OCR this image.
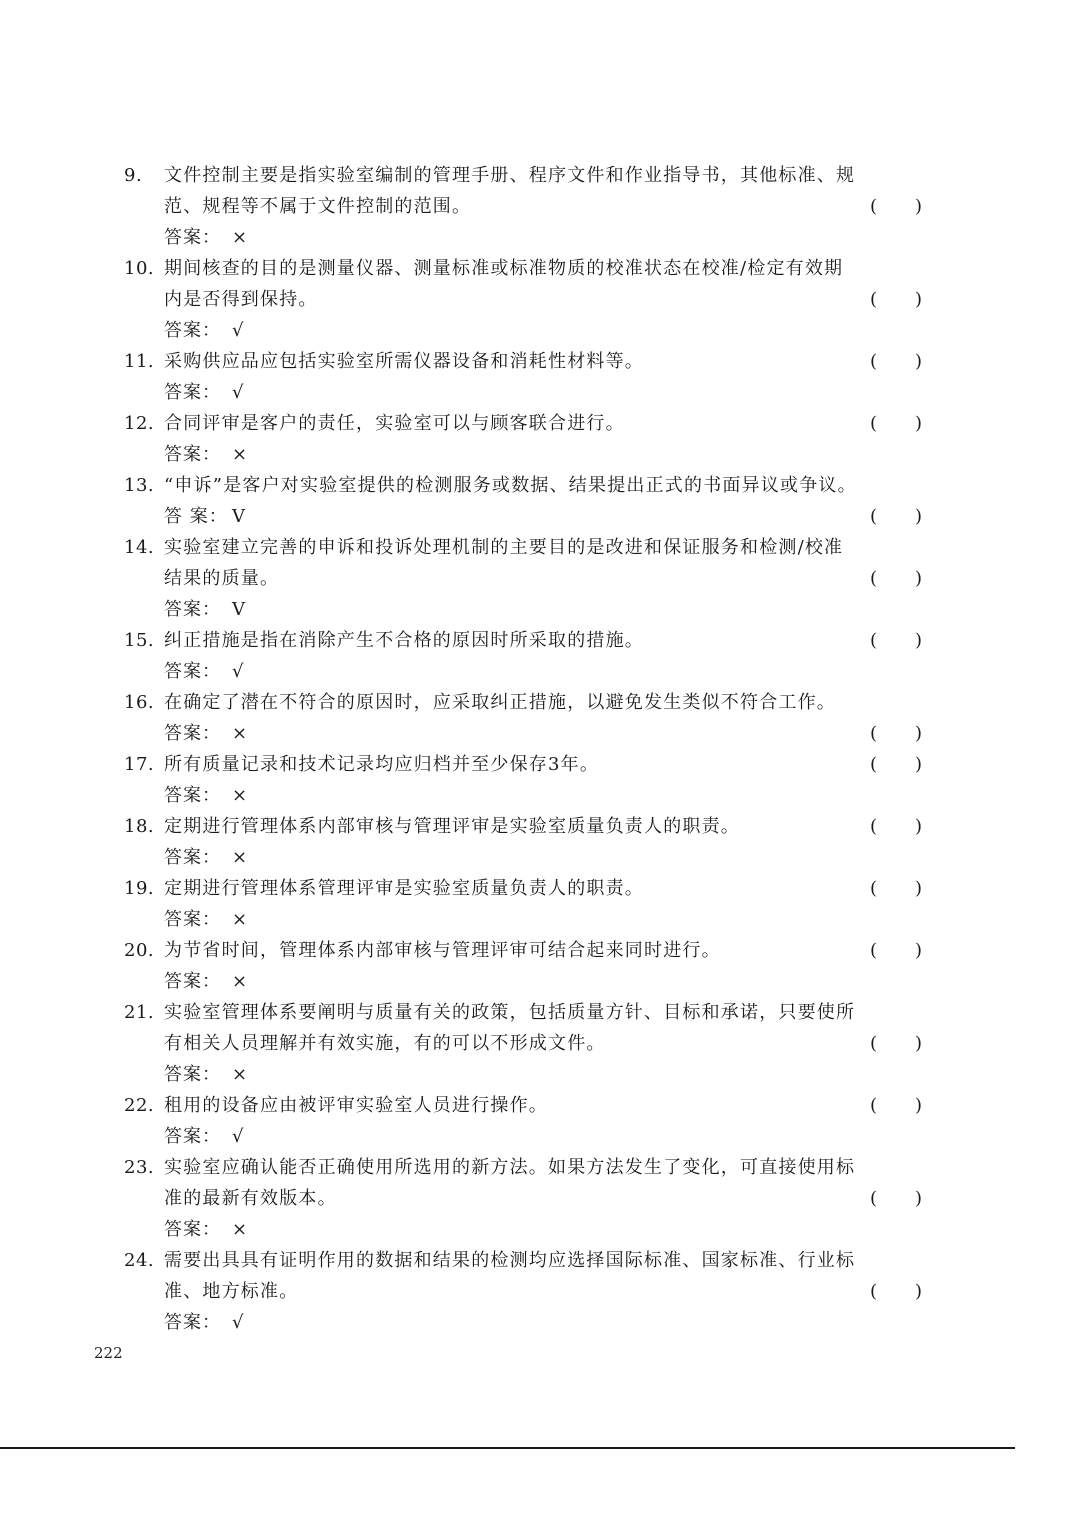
9. 文件控制主要是指实验室编制的管理手册、程序文件和作业指导书，其他标准、规
范、规程等不属于文件控制的范围。	( )
答案： ×
10. 期间核查的目的是测量仪器、测量标准或标准物质的校准状态在校准/检定有效期
内是否得到保持。	( )
答案： √
11. 采购供应品应包括实验室所需仪器设备和消耗性材料等。	( )
答案： √
12. 合同评审是客户的责任，实验室可以与顾客联合进行。	( )
答案： ×
13. “申诉”是客户对实验室提供的检测服务或数据、结果提出正式的书面异议或争议。
答 案： V	( )
14. 实验室建立完善的申诉和投诉处理机制的主要目的是改进和保证服务和检测/校准
结果的质量。	( )
答案： V
15. 纠正措施是指在消除产生不合格的原因时所采取的措施。	( )
答案： √
16. 在确定了潜在不符合的原因时，应采取纠正措施，以避免发生类似不符合工作。
答案： ×	( )
17. 所有质量记录和技术记录均应归档并至少保存3年。	( )
答案： ×
18. 定期进行管理体系内部审核与管理评审是实验室质量负责人的职责。	( )
答案： ×
19. 定期进行管理体系管理评审是实验室质量负责人的职责。	( )
答案： ×
20. 为节省时间，管理体系内部审核与管理评审可结合起来同时进行。	( )
答案： ×
21. 实验室管理体系要阐明与质量有关的政策，包括质量方针、目标和承诺，只要使所
有相关人员理解并有效实施，有的可以不形成文件。	( )
答案： ×
22. 租用的设备应由被评审实验室人员进行操作。	( )
答案： √
23. 实验室应确认能否正确使用所选用的新方法。如果方法发生了变化，可直接使用标
准的最新有效版本。	( )
答案： ×
24. 需要出具具有证明作用的数据和结果的检测均应选择国际标准、国家标准、行业标
准、地方标准。	( )
答案： √
222
